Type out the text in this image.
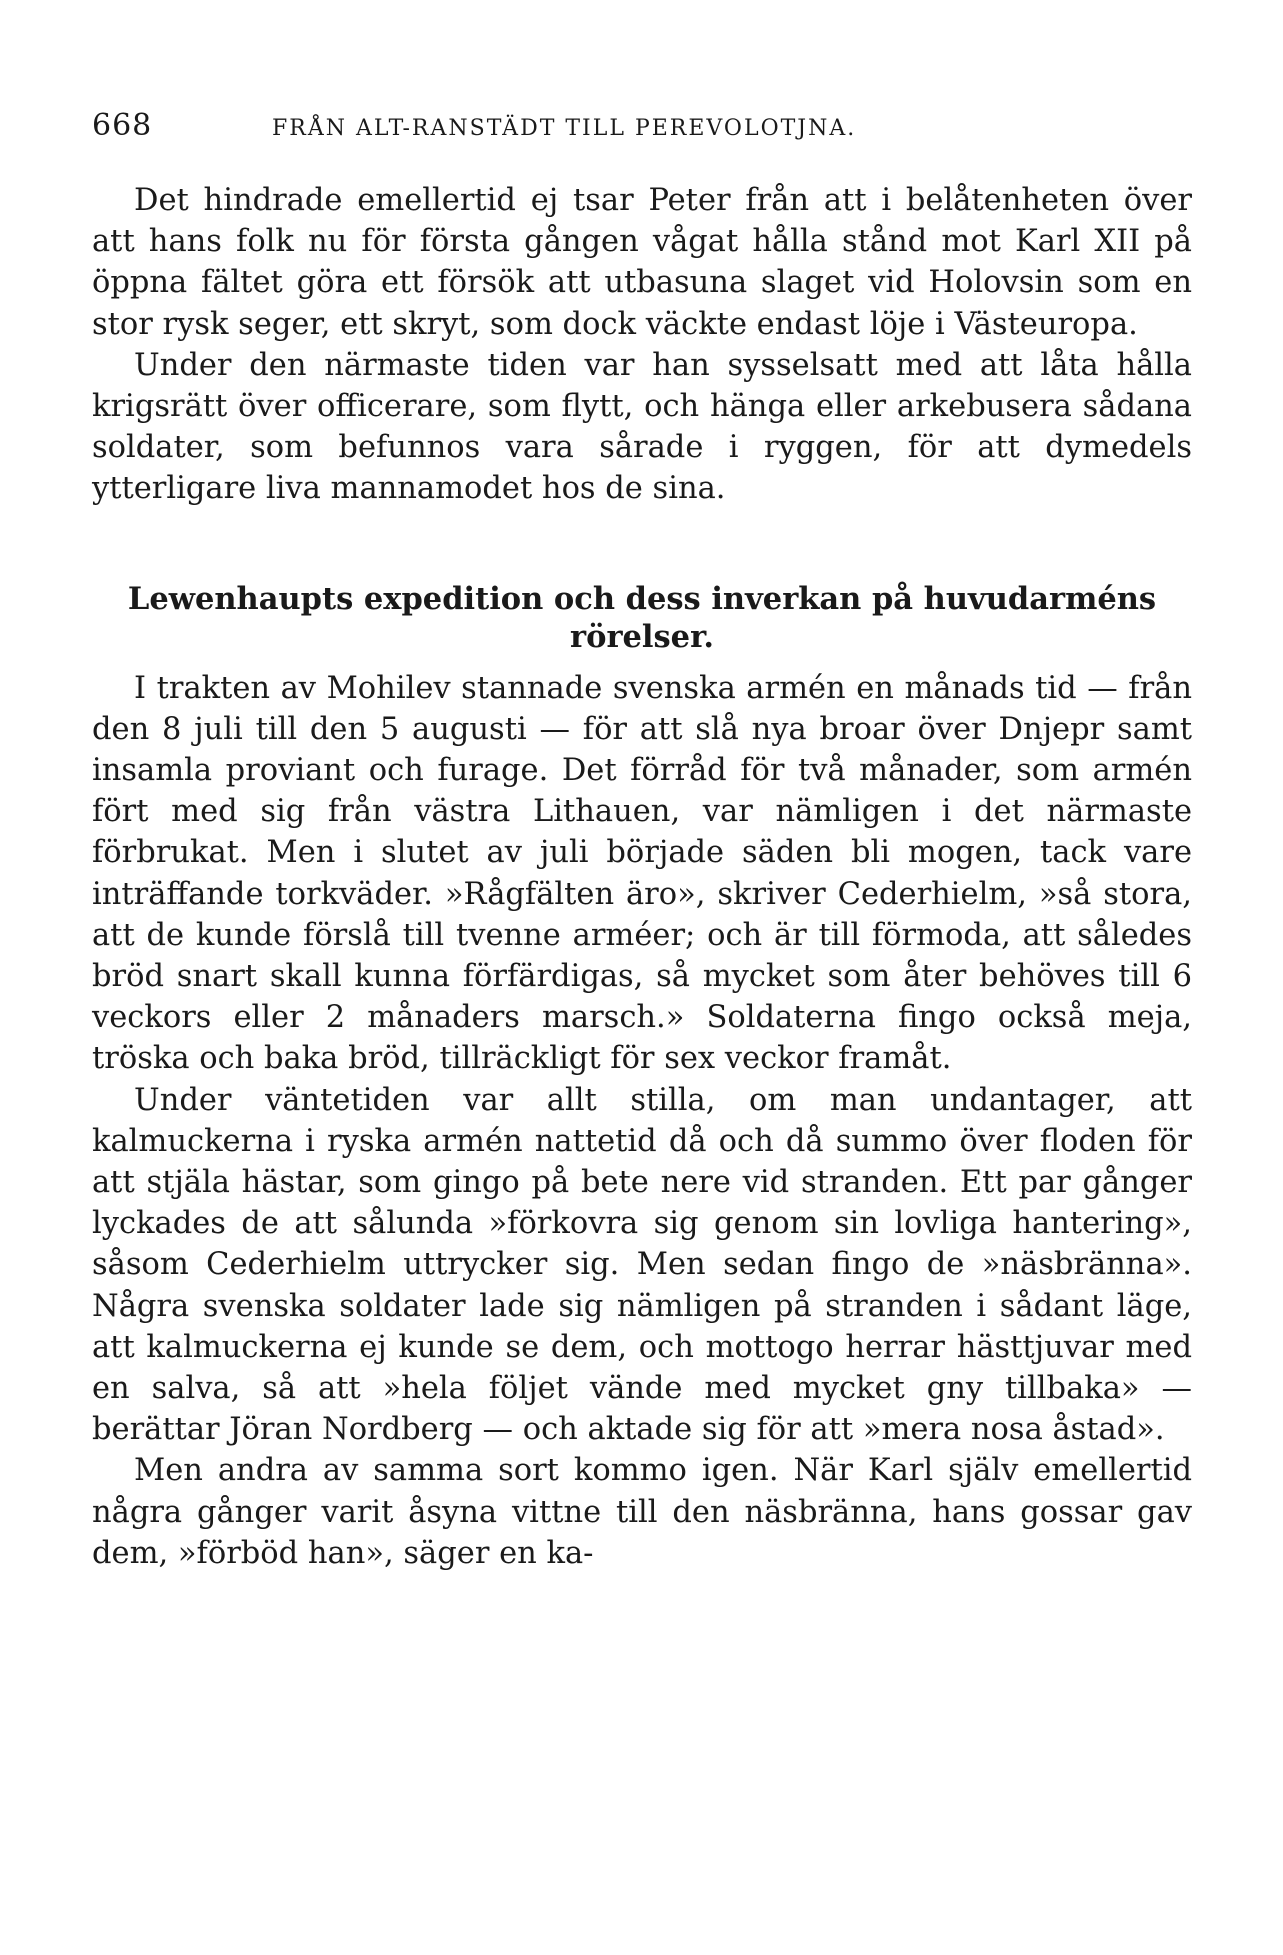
668	FRÅN ALT-RANSTÄDT TILL PEREVOLOTJNA.

Det hindrade emellertid ej tsar Peter från att i belåtenheten över att hans folk nu för första gången vågat hålla stånd mot Karl XII på öppna fältet göra ett försök att utbasuna slaget vid Holovsin som en stor rysk seger, ett skryt, som dock väckte endast löje i Västeuropa.

Under den närmaste tiden var han sysselsatt med att låta hålla krigsrätt över officerare, som flytt, och hänga eller arkebusera sådana soldater, som befunnos vara sårade i ryggen, för att dymedels ytterligare liva mannamodet hos de sina.

Lewenhaupts expedition och dess inverkan på huvudarméns rörelser.

I trakten av Mohilev stannade svenska armén en månads tid — från den 8 juli till den 5 augusti — för att slå nya broar över Dnjepr samt insamla proviant och furage. Det förråd för två månader, som armén fört med sig från västra Lithauen, var nämligen i det närmaste förbrukat. Men i slutet av juli började säden bli mogen, tack vare inträffande torkväder. »Rågfälten äro», skriver Cederhielm, »så stora, att de kunde förslå till tvenne arméer; och är till förmoda, att således bröd snart skall kunna förfärdigas, så mycket som åter behöves till 6 veckors eller 2 månaders marsch.» Soldaterna fingo också meja, tröska och baka bröd, tillräckligt för sex veckor framåt.

Under väntetiden var allt stilla, om man undantager, att kalmuckerna i ryska armén nattetid då och då summo över floden för att stjäla hästar, som gingo på bete nere vid stranden. Ett par gånger lyckades de att sålunda »förkovra sig genom sin lovliga hantering», såsom Cederhielm uttrycker sig. Men sedan fingo de »näsbränna». Några svenska soldater lade sig nämligen på stranden i sådant läge, att kalmuckerna ej kunde se dem, och mottogo herrar hästtjuvar med en salva, så att »hela följet vände med mycket gny tillbaka» — berättar Jöran Nordberg — och aktade sig för att »mera nosa åstad».

Men andra av samma sort kommo igen. När Karl själv emellertid några gånger varit åsyna vittne till den näsbränna, hans gossar gav dem, »förböd han», säger en ka-
